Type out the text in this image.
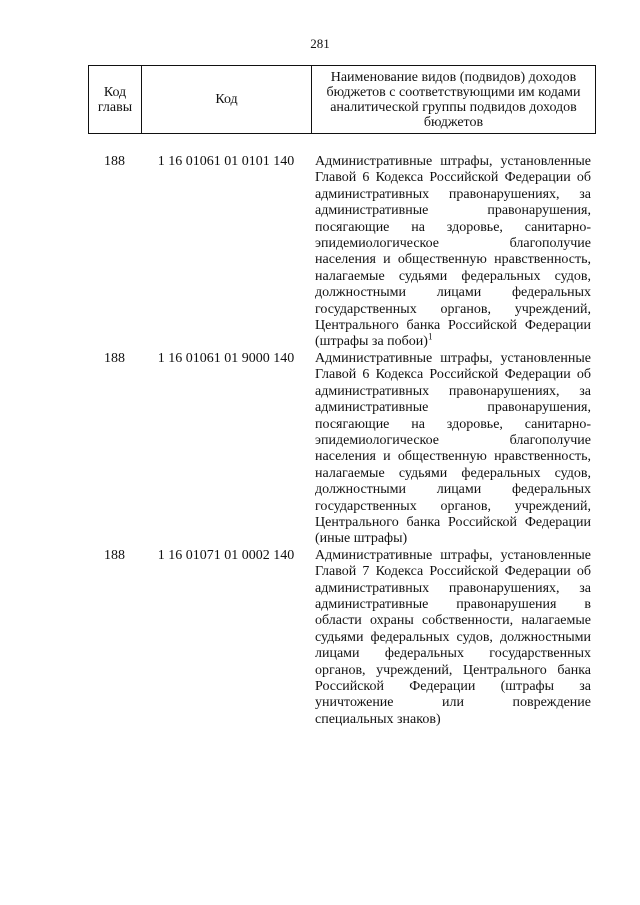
281
Код главы	Код
Наименование видов (подвидов) доходов
бюджетов с соответствующими им кодами
аналитической группы подвидов доходов
бюджетов
188	1 16 01061 01 0101 140	Административные штрафы, установленные
Главой 6 Кодекса Российской Федерации об
административных правонарушениях, за
административные правонарушения,
посягающие на здоровье, санитарно-
эпидемиологическое благополучие
населения и общественную нравственность,
налагаемые судьями федеральных судов,
должностными лицами федеральных
государственных органов, учреждений,
Центрального банка Российской Федерации
(штрафы за побои)$^1$
188	1 16 01061 01 9000 140	Административные штрафы, установленные
Главой 6 Кодекса Российской Федерации об
административных правонарушениях, за
административные правонарушения,
посягающие на здоровье, санитарно-
эпидемиологическое благополучие
населения и общественную нравственность,
налагаемые судьями федеральных судов,
должностными лицами федеральных
государственных органов, учреждений,
Центрального банка Российской Федерации
(иные штрафы)
188	1 16 01071 01 0002 140	Административные штрафы, установленные
Главой 7 Кодекса Российской Федерации об
административных правонарушениях, за
административные правонарушения в
области охраны собственности, налагаемые
судьями федеральных судов, должностными
лицами федеральных государственных
органов, учреждений, Центрального банка
Российской Федерации (штрафы за
уничтожение или повреждение
специальных знаков)
